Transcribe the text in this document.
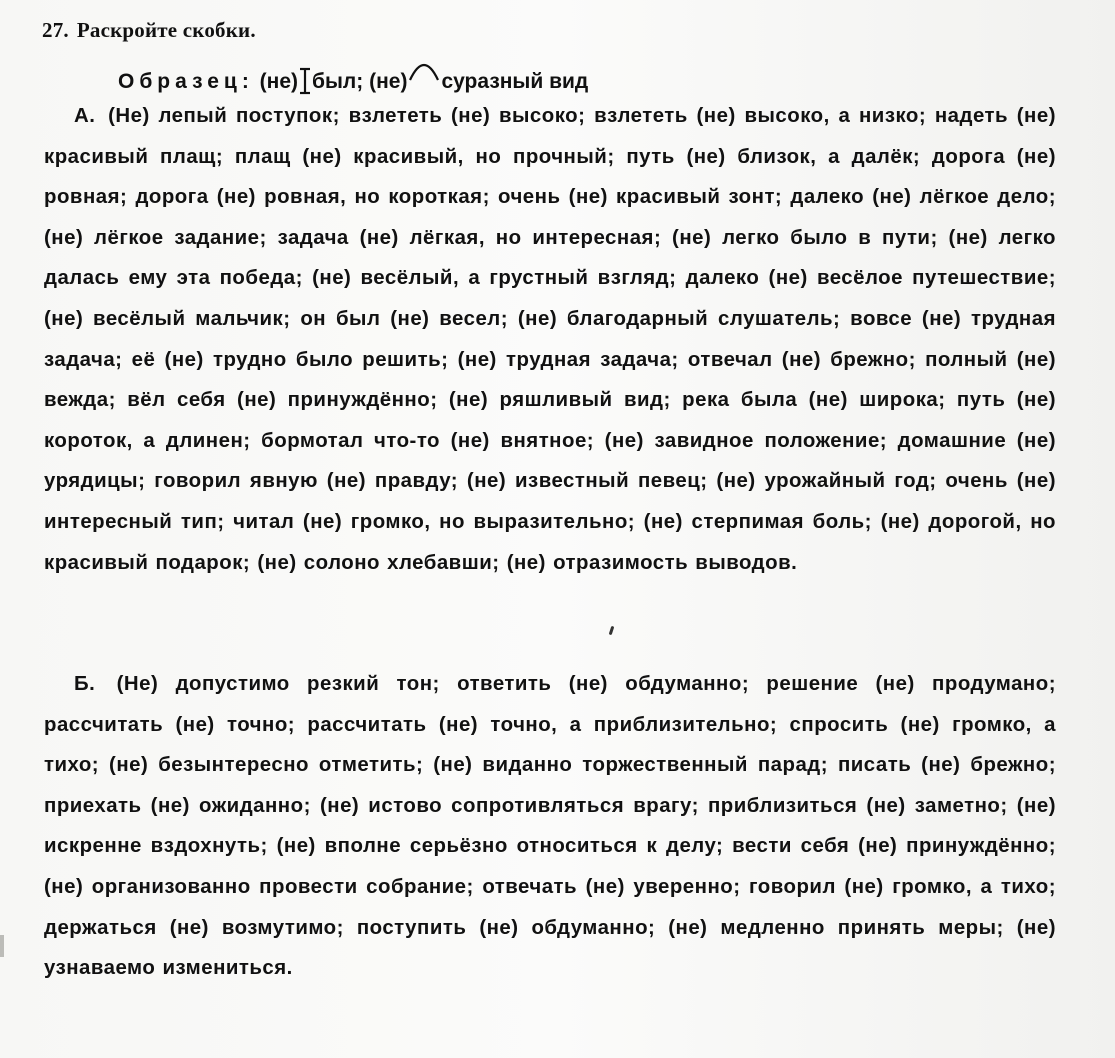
27. Раскройте скобки.
Образец: (не) был; (не) суразный вид
А. (Не) лепый поступок; взлететь (не) высоко; взлететь (не) высоко, а низко; надеть (не) красивый плащ; плащ (не) красивый, но прочный; путь (не) близок, а далёк; дорога (не) ровная; дорога (не) ровная, но короткая; очень (не) красивый зонт; далеко (не) лёгкое дело; (не) лёгкое задание; задача (не) лёгкая, но интересная; (не) легко было в пути; (не) легко далась ему эта победа; (не) весёлый, а грустный взгляд; далеко (не) весёлое путешествие; (не) весёлый мальчик; он был (не) весел; (не) благодарный слушатель; вовсе (не) трудная задача; её (не) трудно было решить; (не) трудная задача; отвечал (не) брежно; полный (не) вежда; вёл себя (не) принуждённо; (не) ряшливый вид; река была (не) широка; путь (не) короток, а длинен; бормотал что-то (не) внятное; (не) завидное положение; домашние (не) урядицы; говорил явную (не) правду; (не) известный певец; (не) урожайный год; очень (не) интересный тип; читал (не) громко, но выразительно; (не) стерпимая боль; (не) дорогой, но красивый подарок; (не) солоно хлебавши; (не) отразимость выводов.
Б. (Не) допустимо резкий тон; ответить (не) обдуманно; решение (не) продумано; рассчитать (не) точно; рассчитать (не) точно, а приблизительно; спросить (не) громко, а тихо; (не) безынтересно отметить; (не) виданно торжественный парад; писать (не) брежно; приехать (не) ожиданно; (не) истово сопротивляться врагу; приблизиться (не) заметно; (не) искренне вздохнуть; (не) вполне серьёзно относиться к делу; вести себя (не) принуждённо; (не) организованно провести собрание; отвечать (не) уверенно; говорил (не) громко, а тихо; держаться (не) возмутимо; поступить (не) обдуманно; (не) медленно принять меры; (не) узнаваемо измениться.
